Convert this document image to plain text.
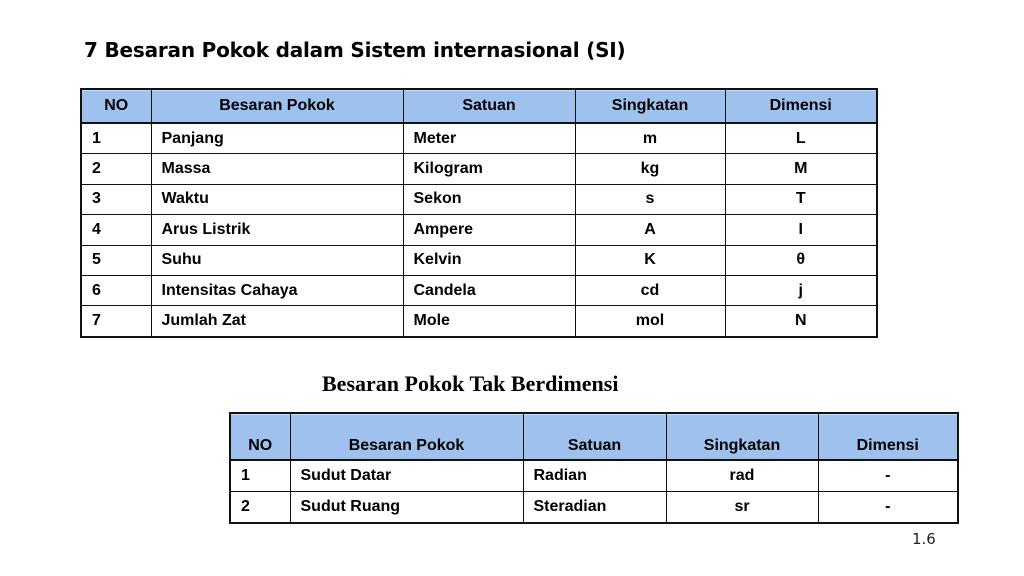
7 Besaran Pokok dalam Sistem internasional (SI)
NO	Besaran Pokok	Satuan	Singkatan	Dimensi
1	Panjang	Meter	m	L
2	Massa	Kilogram	kg	M
3	Waktu	Sekon	s	T
4	Arus Listrik	Ampere	A	I
5	Suhu	Kelvin	K	θ
6	Intensitas Cahaya	Candela	cd	j
7	Jumlah Zat	Mole	mol	N
Besaran Pokok Tak Berdimensi
NO	Besaran Pokok	Satuan	Singkatan	Dimensi
1	Sudut Datar	Radian	rad	-
2	Sudut Ruang	Steradian	sr	-
1.6
